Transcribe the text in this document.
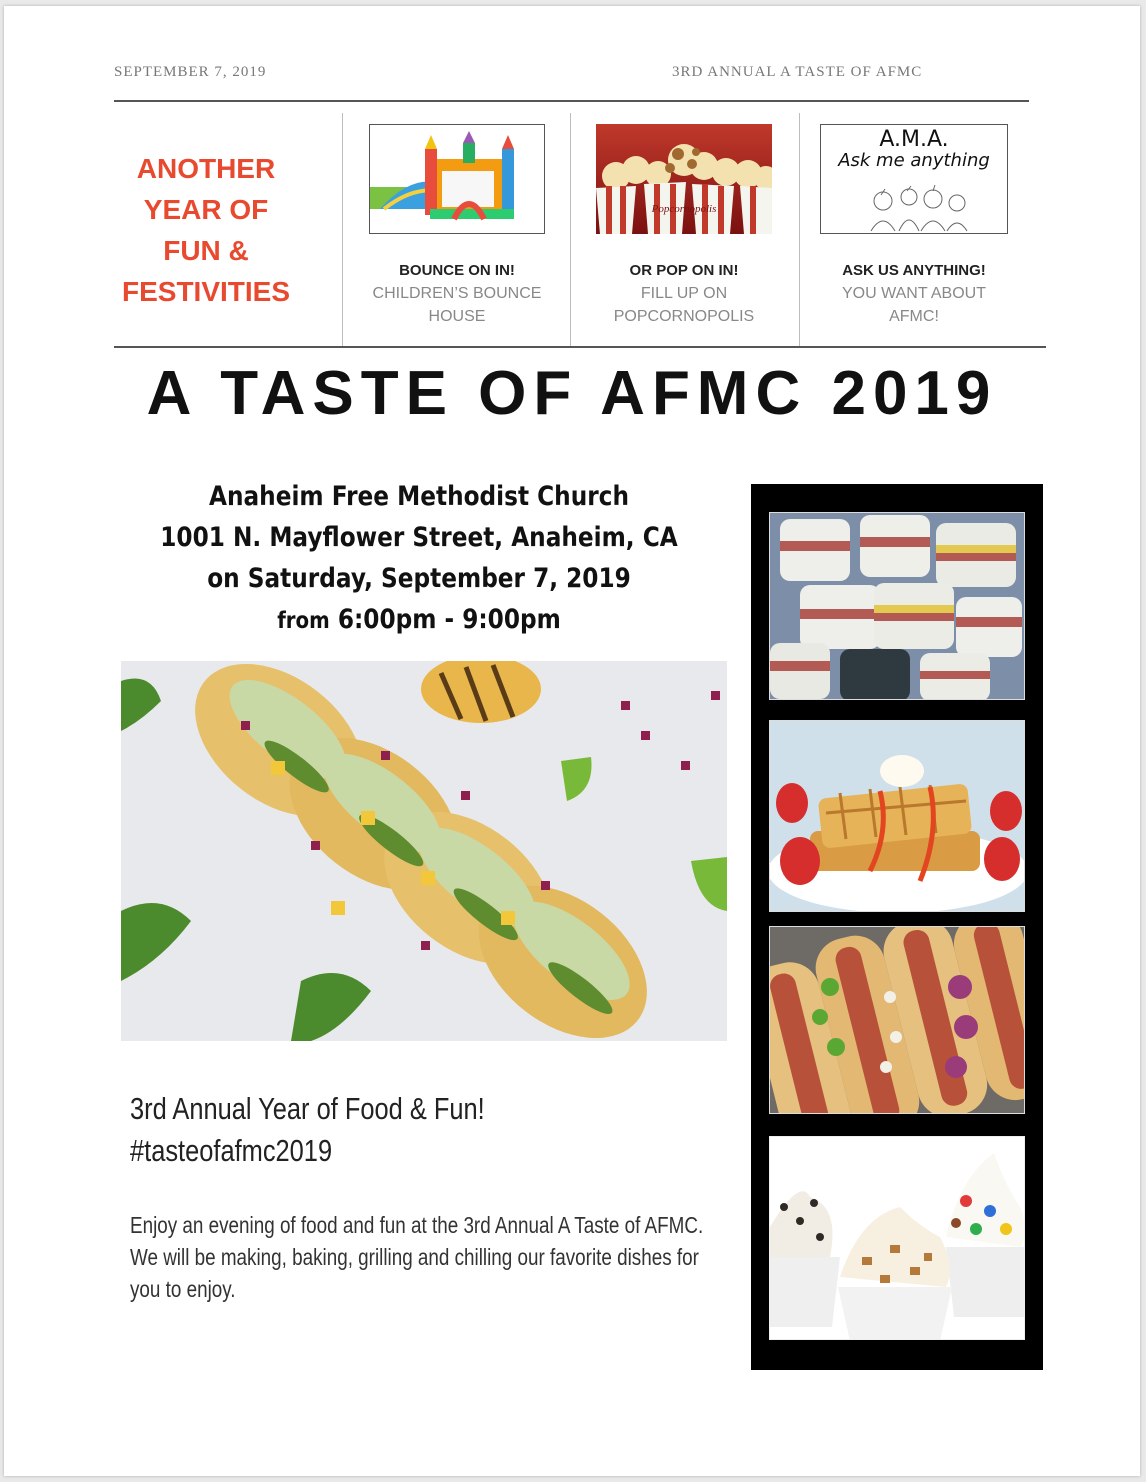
SEPTEMBER 7, 2019	3RD ANNUAL A TASTE OF AFMC
ANOTHER
YEAR OF
FUN &
FESTIVITIES
BOUNCE ON IN!
CHILDREN’S BOUNCE
HOUSE
Popcornopolis
OR POP ON IN!
FILL UP ON
POPCORNOPOLIS
A.M.A.
Ask me anything
ASK US ANYTHING!
YOU WANT ABOUT
AFMC!
A TASTE OF AFMC 2019
Anaheim Free Methodist Church
1001 N. Mayflower Street, Anaheim, CA
on Saturday, September 7, 2019
from 6:00pm - 9:00pm
3rd Annual Year of Food & Fun!
#tasteofafmc2019
Enjoy an evening of food and fun at the 3rd Annual A Taste of AFMC. We will be making, baking, grilling and chilling our favorite dishes for you to enjoy.
